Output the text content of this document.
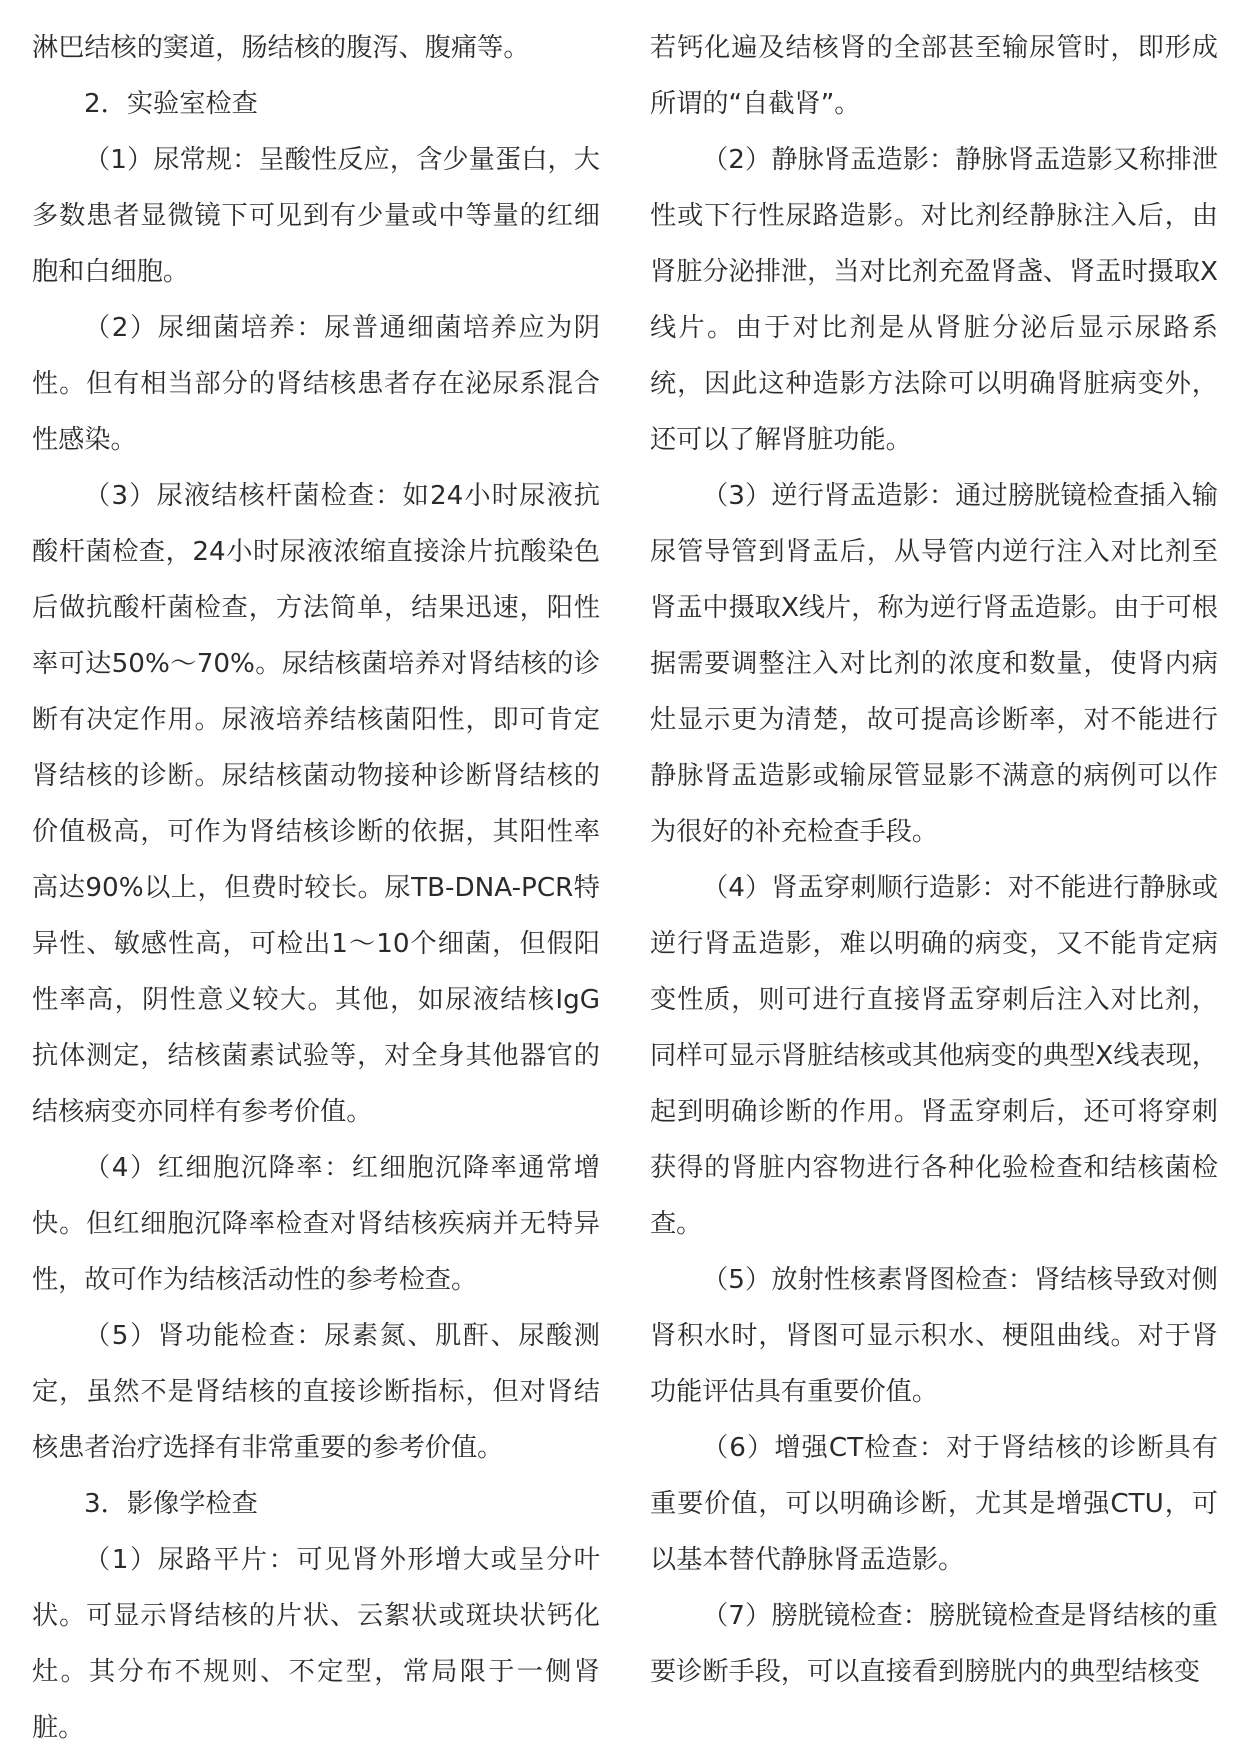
淋巴结核的窦道，肠结核的腹泻、腹痛等。

2．实验室检查

（1）尿常规：呈酸性反应，含少量蛋白，大多数患者显微镜下可见到有少量或中等量的红细胞和白细胞。

（2）尿细菌培养：尿普通细菌培养应为阴性。但有相当部分的肾结核患者存在泌尿系混合性感染。

（3）尿液结核杆菌检查：如24小时尿液抗酸杆菌检查，24小时尿液浓缩直接涂片抗酸染色后做抗酸杆菌检查，方法简单，结果迅速，阳性率可达50%～70%。尿结核菌培养对肾结核的诊断有决定作用。尿液培养结核菌阳性，即可肯定肾结核的诊断。尿结核菌动物接种诊断肾结核的价值极高，可作为肾结核诊断的依据，其阳性率高达90%以上，但费时较长。尿TB-DNA-PCR特异性、敏感性高，可检出1～10个细菌，但假阳性率高，阴性意义较大。其他，如尿液结核IgG抗体测定，结核菌素试验等，对全身其他器官的结核病变亦同样有参考价值。

（4）红细胞沉降率：红细胞沉降率通常增快。但红细胞沉降率检查对肾结核疾病并无特异性，故可作为结核活动性的参考检查。

（5）肾功能检查：尿素氮、肌酐、尿酸测定，虽然不是肾结核的直接诊断指标，但对肾结核患者治疗选择有非常重要的参考价值。

3．影像学检查

（1）尿路平片：可见肾外形增大或呈分叶状。可显示肾结核的片状、云絮状或斑块状钙化灶。其分布不规则、不定型，常局限于一侧肾脏。

若钙化遍及结核肾的全部甚至输尿管时，即形成所谓的“自截肾”。

（2）静脉肾盂造影：静脉肾盂造影又称排泄性或下行性尿路造影。对比剂经静脉注入后，由肾脏分泌排泄，当对比剂充盈肾盏、肾盂时摄取X线片。由于对比剂是从肾脏分泌后显示尿路系统，因此这种造影方法除可以明确肾脏病变外，还可以了解肾脏功能。

（3）逆行肾盂造影：通过膀胱镜检查插入输尿管导管到肾盂后，从导管内逆行注入对比剂至肾盂中摄取X线片，称为逆行肾盂造影。由于可根据需要调整注入对比剂的浓度和数量，使肾内病灶显示更为清楚，故可提高诊断率，对不能进行静脉肾盂造影或输尿管显影不满意的病例可以作为很好的补充检查手段。

（4）肾盂穿刺顺行造影：对不能进行静脉或逆行肾盂造影，难以明确的病变，又不能肯定病变性质，则可进行直接肾盂穿刺后注入对比剂，同样可显示肾脏结核或其他病变的典型X线表现，起到明确诊断的作用。肾盂穿刺后，还可将穿刺获得的肾脏内容物进行各种化验检查和结核菌检查。

（5）放射性核素肾图检查：肾结核导致对侧肾积水时，肾图可显示积水、梗阻曲线。对于肾功能评估具有重要价值。

（6）增强CT检查：对于肾结核的诊断具有重要价值，可以明确诊断，尤其是增强CTU，可以基本替代静脉肾盂造影。

（7）膀胱镜检查：膀胱镜检查是肾结核的重要诊断手段，可以直接看到膀胱内的典型结核变
